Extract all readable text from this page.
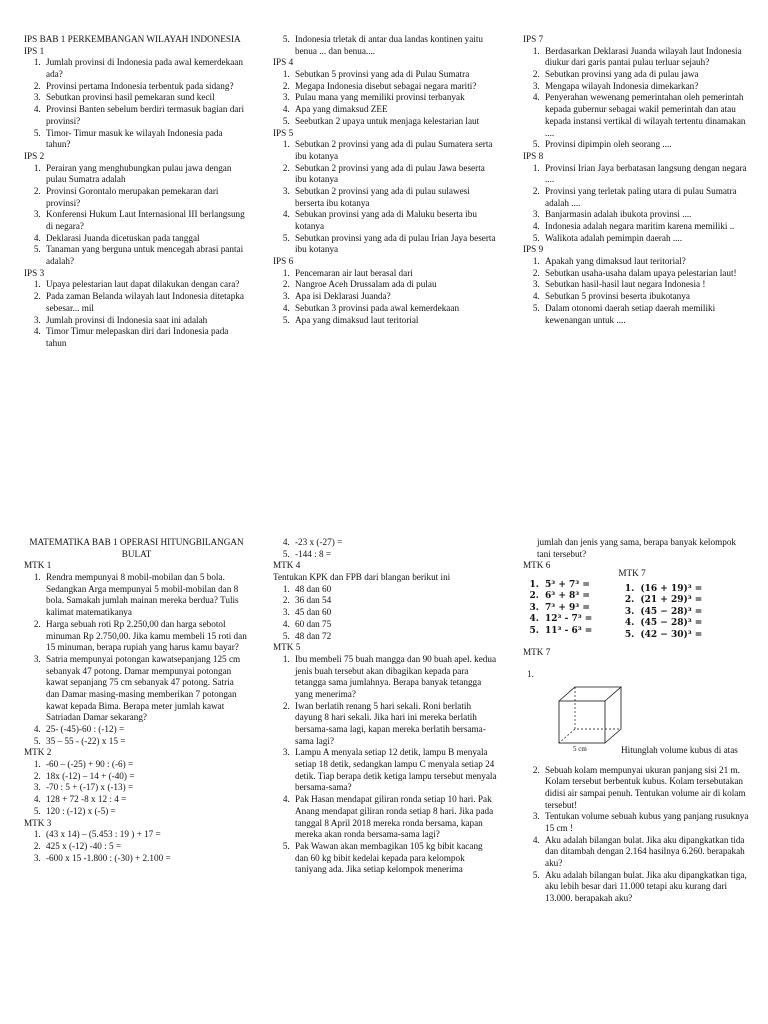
IPS BAB 1 PERKEMBANGAN WILAYAH INDONESIA

IPS 1

1. Jumlah provinsi di Indonesia pada awal kemerdekaan ada?
2. Provinsi pertama Indonesia terbentuk pada sidang?
3. Sebutkan provinsi hasil pemekaran sund kecil
4. Provinsi Banten sebelum berdiri termasuk bagian dari provinsi?
5. Timor- Timur masuk ke wilayah Indonesia pada tahun?

IPS 2

1. Perairan yang menghubungkan pulau jawa dengan pulau Sumatra adalah
2. Provinsi Gorontalo merupakan pemekaran dari provinsi?
3. Konferensi Hukum Laut Internasional III berlangsung di negara?
4. Deklarasi Juanda dicetuskan pada tanggal
5. Tanaman yang berguna untuk mencegah abrasi pantai adalah?

IPS 3

1. Upaya pelestarian laut dapat dilakukan dengan cara?
2. Pada zaman Belanda wilayah laut Indonesia ditetapka sebesar... mil
3. Jumlah provinsi di Indonesia saat ini adalah
4. Timor Timur melepaskan diri dari Indonesia pada tahun
5. Indonesia trletak di antar dua landas kontinen yaitu benua ... dan benua....

IPS 4

1. Sebutkan 5 provinsi yang ada di Pulau Sumatra
2. Megapa Indonesia disebut sebagai negara mariti?
3. Pulau mana yang memiliki provinsi terbanyak
4. Apa yang dimaksud ZEE
5. Seebutkan 2 upaya untuk menjaga kelestarian laut

IPS 5

1. Sebutkan 2 provinsi yang ada di pulau Sumatera serta ibu kotanya
2. Sebutkan 2 provinsi yang ada di pulau Jawa beserta ibu kotanya
3. Sebutkan 2 provinsi yang ada di pulau sulawesi berserta ibu kotanya
4. Sebukan provinsi yang ada di Maluku beserta ibu kotanya
5. Sebutkan provinsi yang ada di pulau Irian Jaya beserta ibu kotanya

IPS 6

1. Pencemaran air laut berasal dari
2. Nangroe Aceh Drussalam ada di pulau
3. Apa isi Deklarasi Juanda?
4. Sebutkan 3 provinsi pada awal kemerdekaan
5. Apa yang dimaksud laut teritorial

IPS 7

1. Berdasarkan Deklarasi Juanda wilayah laut Indonesia diukur dari garis pantai pulau terluar sejauh?
2. Sebutkan provinsi yang ada di pulau jawa
3. Mengapa wilayah Indonesia dimekarkan?
4. Penyerahan wewenang pemerintahan oleh pemerintah kepada gubernur sebagai wakil pemerintah dan atau kepada instansi vertikal di wilayah tertentu dinamakan ....
5. Provinsi dipimpin oleh seorang ....

IPS 8

1. Provinsi Irian Jaya berbatasan langsung dengan negara ....
2. Provinsi yang terletak paling utara di pulau Sumatra adalah ....
3. Banjarmasin adalah ibukota provinsi ....
4. Indonesia adalah negara maritim karena memiliki ..
5. Walikota adalah pemimpin daerah ....

IPS 9

1. Apakah yang dimaksud laut teritorial?
2. Sebutkan usaha-usaha dalam upaya pelestarian laut!
3. Sebutkan hasil-hasil laut negara Indonesia !
4. Sebutkan 5 provinsi beserta ibukotanya
5. Dalam otonomi daerah setiap daerah memiliki kewenangan untuk ....

MATEMATIKA BAB 1 OPERASI HITUNGBILANGAN BULAT

MTK 1

1. Rendra mempunyai 8 mobil-mobilan dan 5 bola. Sedangkan Arga mempunyai 5 mobil-mobilan dan 8 bola. Samakah jumlah mainan mereka berdua? Tulis kalimat matematikanya
2. Harga sebuah roti Rp 2.250,00 dan harga sebotol minuman Rp 2.750,00. Jika kamu membeli 15 roti dan 15 minuman, berapa rupiah yang harus kamu bayar?
3. Satria mempunyai potongan kawatsepanjang 125 cm sebanyak 47 potong. Damar mempunyai potongan kawat sepanjang 75 cm sebanyak 47 potong. Satria dan Damar masing-masing memberikan 7 potongan kawat kepada Bima. Berapa meter jumlah kawat Satriadan Damar sekarang?
4. 25- (-45)-60 : (-12) =
5. 35 – 55 - (-22) x 15 =

MTK 2

1. -60 – (-25) + 90 : (-6) =
2. 18x (-12) – 14 + (-40) =
3. -70 : 5 + (-17) x (-13) =
4. 128 + 72 -8 x 12 : 4 =
5. 120 : (-12) x (-5) =

MTK 3

1. (43 x 14) – (5.453 : 19 ) + 17 =
2. 425 x (-12) -40 : 5 =
3. -600 x 15 -1.800 : (-30) + 2.100 =
4. -23 x (-27) =
5. -144 : 8 =

MTK 4

Tentukan KPK dan FPB dari blangan berikut ini

1. 48 dan 60
2. 36 dan 54
3. 45 dan 60
4. 60 dan 75
5. 48 dan 72

MTK 5

1. Ibu membeli 75 buah mangga dan 90 buah apel. kedua jenis buah tersebut akan dibagikan kepada para tetangga sama jumlahnya. Berapa banyak tetangga yang menerima?
2. Iwan berlatih renang 5 hari sekali. Roni berlatih dayung 8 hari sekali. Jika hari ini mereka berlatih bersama-sama lagi, kapan mereka berlatih bersama-sama lagi?
3. Lampu A menyala setiap 12 detik, lampu B menyala setiap 18 detik, sedangkan lampu C menyala setiap 24 detik. Tiap berapa detik ketiga lampu tersebut menyala bersama-sama?
4. Pak Hasan mendapat giliran ronda setiap 10 hari. Pak Anang mendapat giliran ronda setiap 8 hari. Jika pada tanggal 8 April 2018 mereka ronda bersama, kapan mereka akan ronda bersama-sama lagi?
5. Pak Wawan akan membagikan 105 kg bibit kacang dan 60 kg bibit kedelai kepada para kelompok taniyang ada. Jika setiap kelompok menerima

jumlah dan jenis yang sama, berapa banyak kelompok tani tersebut?

MTK 6

1. 5³ + 7³ =
2. 6³ + 8³ =
3. 7³ + 9³ =
4. 12³ - 7³ =
5. 11³ - 6³ =

MTK 7

1. (16 + 19)³ =
2. (21 + 29)³ =
3. (45 − 28)³ =
4. (45 − 28)³ =
5. (42 − 30)³ =

MTK 7

1.

5 cm	Hitunglah volume kubus di atas
2. Sebuah kolam mempunyai ukuran panjang sisi 21 m. Kolam tersebut berbentuk kubus. Kolam tersebutakan didisi air sampai penuh. Tentukan volume air di kolam tersebut!
3. Tentukan volume sebuah kubus yang panjang rusuknya 15 cm !
4. Aku adalah bilangan bulat. Jika aku dipangkatkan tida dan ditambah dengan 2.164 hasilnya 6.260. berapakah aku?
5. Aku adalah bilangan bulat. Jika aku dipangkatkan tiga, aku lebih besar dari 11.000 tetapi aku kurang dari 13.000. berapakah aku?
